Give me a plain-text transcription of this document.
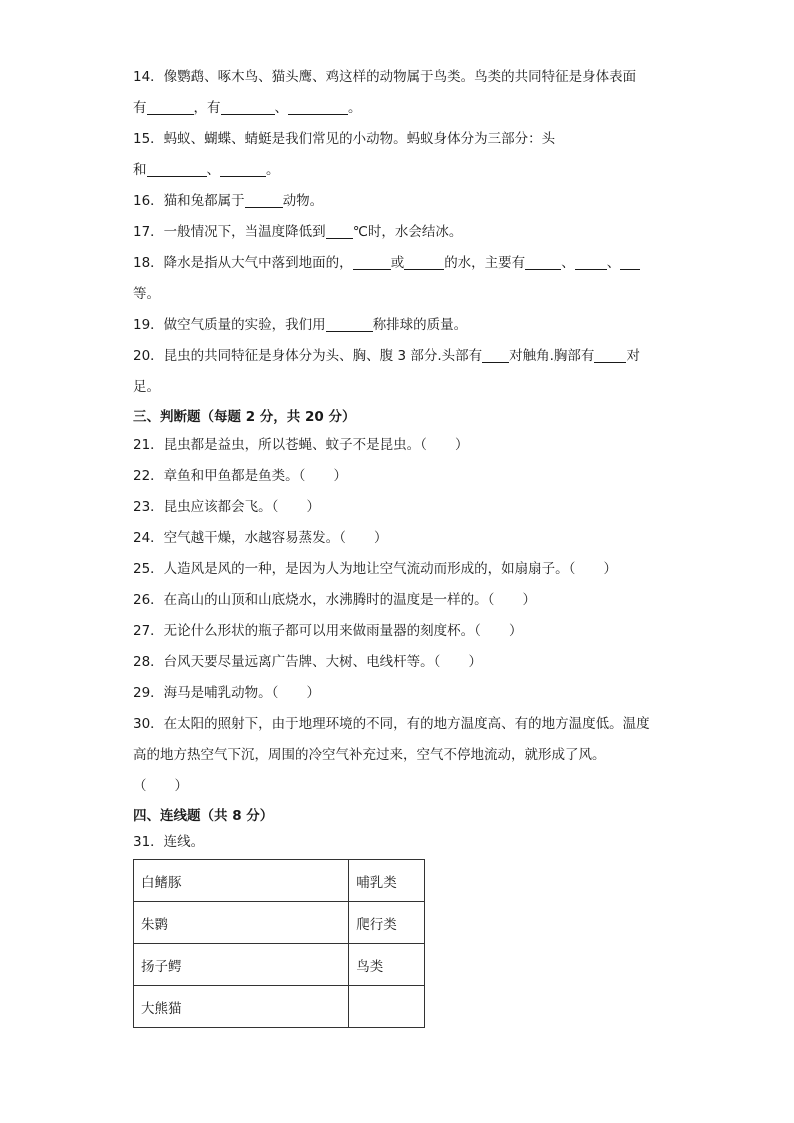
14．像鹦鹉、啄木鸟、猫头鹰、鸡这样的动物属于鸟类。鸟类的共同特征是身体表面
有	，有	、	。
15．蚂蚁、蝴蝶、蜻蜓是我们常见的小动物。蚂蚁身体分为三部分：头
和	、	。
16．猫和兔都属于	动物。
17．一般情况下，当温度降低到 ℃时，水会结冰。
18．降水是指从大气中落到地面的，	或	的水，主要有	、 、
等。
19．做空气质量的实验，我们用	称排球的质量。
20．昆虫的共同特征是身体分为头、胸、腹 3 部分.头部有 对触角.胸部有 对
足。
三、判断题（每题 2 分，共 20 分）
21．昆虫都是益虫，所以苍蝇、蚊子不是昆虫。（ ）
22．章鱼和甲鱼都是鱼类。（ ）
23．昆虫应该都会飞。（ ）
24．空气越干燥，水越容易蒸发。（ ）
25．人造风是风的一种，是因为人为地让空气流动而形成的，如扇扇子。（ ）
26．在高山的山顶和山底烧水，水沸腾时的温度是一样的。（ ）
27．无论什么形状的瓶子都可以用来做雨量器的刻度杯。（ ）
28．台风天要尽量远离广告牌、大树、电线杆等。（ ）
29．海马是哺乳动物。（ ）
30．在太阳的照射下，由于地理环境的不同，有的地方温度高、有的地方温度低。温度
高的地方热空气下沉，周围的冷空气补充过来，空气不停地流动，就形成了风。
（ ）
四、连线题（共 8 分）
31．连线。
白鳍豚	哺乳类
朱鹮	爬行类
扬子鳄	鸟类
大熊猫	
